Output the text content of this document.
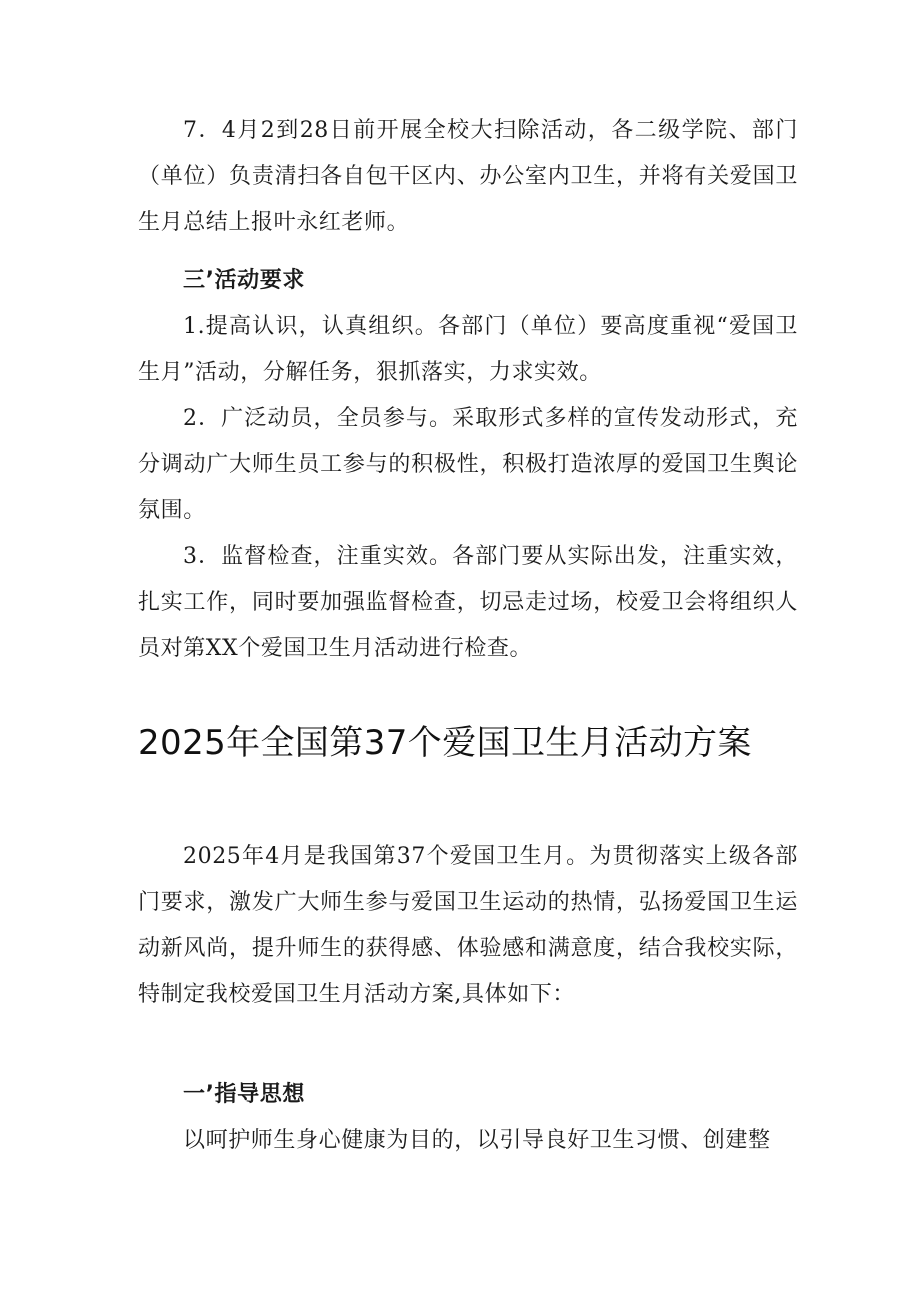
7．4月2到28日前开展全校大扫除活动，各二级学院、部门（单位）负责清扫各自包干区内、办公室内卫生，并将有关爱国卫生月总结上报叶永红老师。

三’活动要求

1.提高认识，认真组织。各部门（单位）要高度重视“爱国卫生月”活动，分解任务，狠抓落实，力求实效。

2．广泛动员，全员参与。采取形式多样的宣传发动形式，充分调动广大师生员工参与的积极性，积极打造浓厚的爱国卫生舆论氛围。

3．监督检查，注重实效。各部门要从实际出发，注重实效，扎实工作，同时要加强监督检查，切忌走过场，校爱卫会将组织人员对第XX个爱国卫生月活动进行检查。

2025年全国第37个爱国卫生月活动方案

2025年4月是我国第37个爱国卫生月。为贯彻落实上级各部门要求，激发广大师生参与爱国卫生运动的热情，弘扬爱国卫生运动新风尚，提升师生的获得感、体验感和满意度，结合我校实际，特制定我校爱国卫生月活动方案,具体如下：

一’指导思想

以呵护师生身心健康为目的，以引导良好卫生习惯、创建整
